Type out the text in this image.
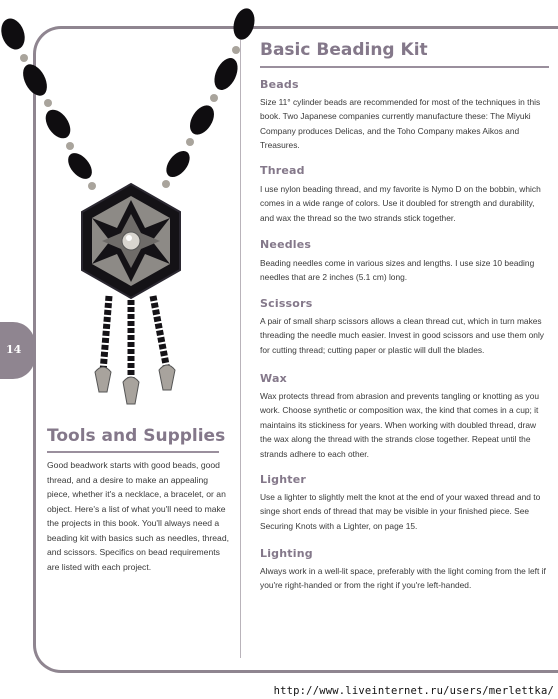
14
Tools and Supplies

Good beadwork starts with good beads, good thread, and a desire to make an appealing piece, whether it's a necklace, a bracelet, or an object. Here's a list of what you'll need to make the projects in this book. You'll always need a beading kit with basics such as needles, thread, and scissors. Specifics on bead requirements are listed with each project.

Basic Beading Kit
Beads

Size 11° cylinder beads are recommended for most of the techniques in this book. Two Japanese companies currently manufacture these: The Miyuki Company produces Delicas, and the Toho Company makes Aikos and Treasures.

Thread

I use nylon beading thread, and my favorite is Nymo D on the bobbin, which comes in a wide range of colors. Use it doubled for strength and durability, and wax the thread so the two strands stick together.

Needles

Beading needles come in various sizes and lengths. I use size 10 beading needles that are 2 inches (5.1 cm) long.

Scissors

A pair of small sharp scissors allows a clean thread cut, which in turn makes threading the needle much easier. Invest in good scissors and use them only for cutting thread; cutting paper or plastic will dull the blades.

Wax

Wax protects thread from abrasion and prevents tangling or knotting as you work. Choose synthetic or composition wax, the kind that comes in a cup; it maintains its stickiness for years. When working with doubled thread, draw the wax along the thread with the strands close together. Repeat until the strands adhere to each other.

Lighter

Use a lighter to slightly melt the knot at the end of your waxed thread and to singe short ends of thread that may be visible in your finished piece. See Securing Knots with a Lighter, on page 15.

Lighting

Always work in a well-lit space, preferably with the light coming from the left if you're right-handed or from the right if you're left-handed.

http://www.liveinternet.ru/users/merlettka/
